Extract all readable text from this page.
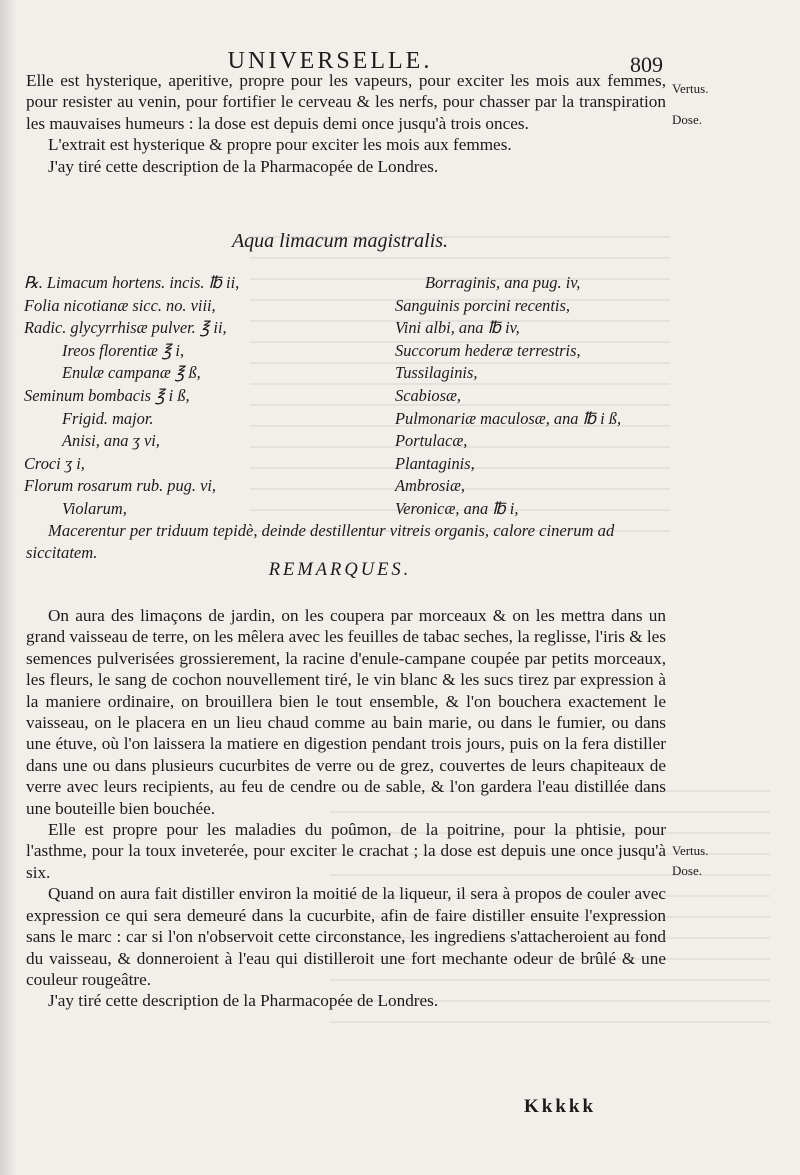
UNIVERSELLE.	809
Vertus.
Dose.

Elle est hysterique, aperitive, propre pour les vapeurs, pour exciter les mois aux femmes, pour resister au venin, pour fortifier le cerveau & les nerfs, pour chasser par la transpiration les mauvaises humeurs : la dose est depuis demi once jusqu'à trois onces.

L'extrait est hysterique & propre pour exciter les mois aux femmes.

J'ay tiré cette description de la Pharmacopée de Londres.

Aqua limacum magistralis.
℞. Limacum hortens. incis. ℔ ii,
Folia nicotianæ sicc. no. viii,
Radic. glycyrrhisæ pulver. ℥ ii,
Ireos florentiæ ℥ i,
Enulæ campanæ ℥ ß,
Seminum bombacis ℥ i ß,
Frigid. major.
Anisi, ana ʒ vi,
Croci ʒ i,
Florum rosarum rub. pug. vi,
Violarum,
Borraginis, ana pug. iv,
Sanguinis porcini recentis,
Vini albi, ana ℔ iv,
Succorum hederæ terrestris,
Tussilaginis,
Scabiosæ,
Pulmonariæ maculosæ, ana ℔ i ß,
Portulacæ,
Plantaginis,
Ambrosiæ,
Veronicæ, ana ℔ i,

Macerentur per triduum tepidè, deinde destillentur vitreis organis, calore cinerum ad siccitatem.

REMARQUES.
Vertus.
Dose.

On aura des limaçons de jardin, on les coupera par morceaux & on les mettra dans un grand vaisseau de terre, on les mêlera avec les feuilles de tabac seches, la reglisse, l'iris & les semences pulverisées grossierement, la racine d'enule-campane coupée par petits morceaux, les fleurs, le sang de cochon nouvellement tiré, le vin blanc & les sucs tirez par expression à la maniere ordinaire, on brouillera bien le tout ensemble, & l'on bouchera exactement le vaisseau, on le placera en un lieu chaud comme au bain marie, ou dans le fumier, ou dans une étuve, où l'on laissera la matiere en digestion pendant trois jours, puis on la fera distiller dans une ou dans plusieurs cucurbites de verre ou de grez, couvertes de leurs chapiteaux de verre avec leurs recipients, au feu de cendre ou de sable, & l'on gardera l'eau distillée dans une bouteille bien bouchée.

Elle est propre pour les maladies du poûmon, de la poitrine, pour la phtisie, pour l'asthme, pour la toux inveterée, pour exciter le crachat ; la dose est depuis une once jusqu'à six.

Quand on aura fait distiller environ la moitié de la liqueur, il sera à propos de couler avec expression ce qui sera demeuré dans la cucurbite, afin de faire distiller ensuite l'expression sans le marc : car si l'on n'observoit cette circonstance, les ingrediens s'attacheroient au fond du vaisseau, & donneroient à l'eau qui distilleroit une fort mechante odeur de brûlé & une couleur rougeâtre.

J'ay tiré cette description de la Pharmacopée de Londres.

Kkkkk
